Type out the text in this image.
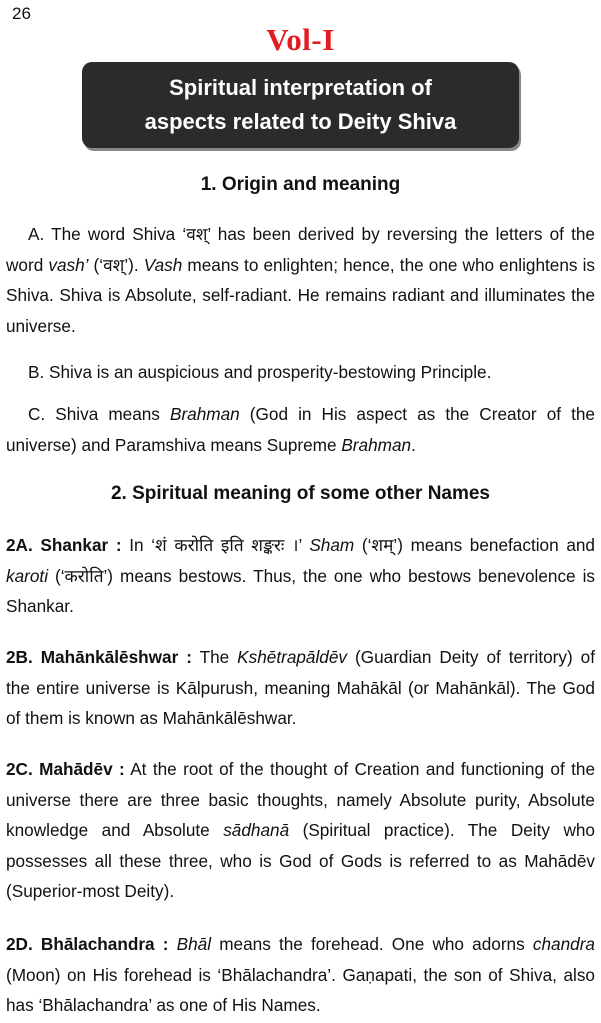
26
Vol-I
Spiritual interpretation of
aspects related to Deity Shiva
1. Origin and meaning

A. The word Shiva ‘वश्’ has been derived by reversing the letters of the word vash’ (‘वश्’). Vash means to enlighten; hence, the one who enlightens is Shiva. Shiva is Absolute, self-radiant. He remains radiant and illuminates the universe.

B. Shiva is an auspicious and prosperity-bestowing Principle.

C. Shiva means Brahman (God in His aspect as the Creator of the universe) and Paramshiva means Supreme Brahman.

2. Spiritual meaning of some other Names

2A. Shankar : In ‘शं करोति इति शङ्करः ।’ Sham (‘शम्’) means benefaction and karoti (‘करोति’) means bestows. Thus, the one who bestows benevolence is Shankar.

2B. Mahānkālēshwar : The Kshētrapāldēv (Guardian Deity of territory) of the entire universe is Kālpurush, meaning Mahākāl (or Mahānkāl). The God of them is known as Mahānkālēshwar.

2C. Mahādēv : At the root of the thought of Creation and functioning of the universe there are three basic thoughts, namely Absolute purity, Absolute knowledge and Absolute sādhanā (Spiritual practice). The Deity who possesses all these three, who is God of Gods is referred to as Mahādēv (Superior-most Deity).

2D. Bhālachandra : Bhāl means the forehead. One who adorns chandra (Moon) on His forehead is ‘Bhālachandra’. Gaṇapati, the son of Shiva, also has ‘Bhālachandra’ as one of His Names.
